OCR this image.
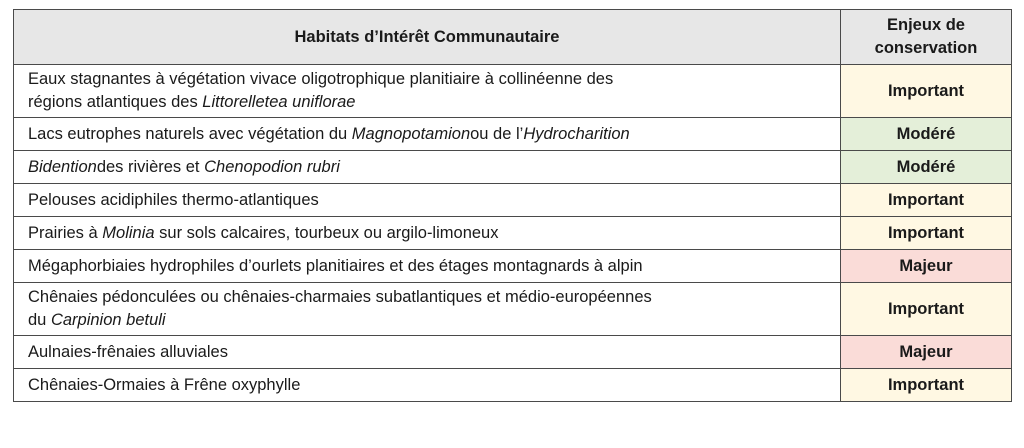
Habitats d’Intérêt Communautaire	Enjeux de
conservation
Eaux stagnantes à végétation vivace oligotrophique planitiaire à collinéenne des
régions atlantiques des Littorelletea uniflorae	Important
Lacs eutrophes naturels avec végétation du Magnopotamionou de l’Hydrocharition	Modéré
Bidentiondes rivières et Chenopodion rubri	Modéré
Pelouses acidiphiles thermo-atlantiques	Important
Prairies à Molinia sur sols calcaires, tourbeux ou argilo-limoneux	Important
Mégaphorbiaies hydrophiles d’ourlets planitiaires et des étages montagnards à alpin	Majeur
Chênaies pédonculées ou chênaies-charmaies subatlantiques et médio-européennes
du Carpinion betuli	Important
Aulnaies-frênaies alluviales	Majeur
Chênaies-Ormaies à Frêne oxyphylle	Important
